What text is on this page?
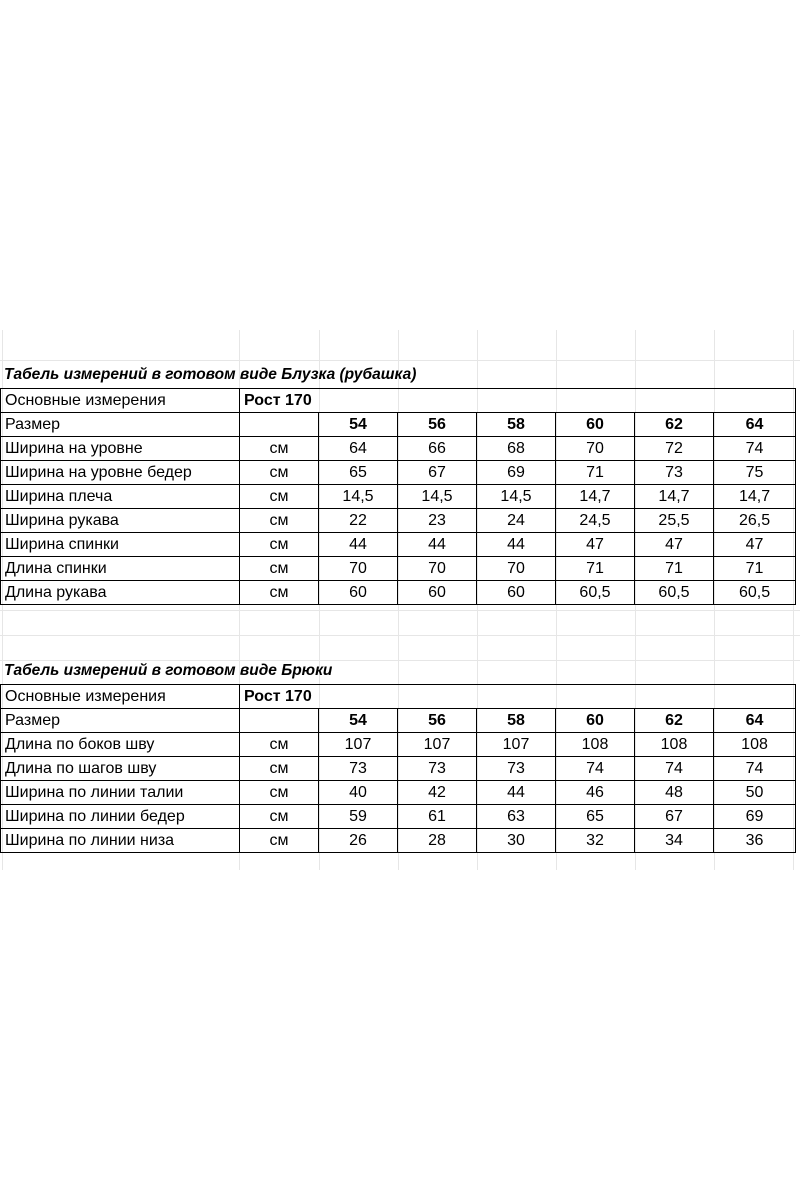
Табель измерений в готовом виде Блузка (рубашка)
Основные измерения	Рост 170						
Размер		54	56	58	60	62	64
Ширина на уровне	см	64	66	68	70	72	74
Ширина на уровне бедер	см	65	67	69	71	73	75
Ширина плеча	см	14,5	14,5	14,5	14,7	14,7	14,7
Ширина рукава	см	22	23	24	24,5	25,5	26,5
Ширина спинки	см	44	44	44	47	47	47
Длина спинки	см	70	70	70	71	71	71
Длина рукава	см	60	60	60	60,5	60,5	60,5
Табель измерений в готовом виде Брюки
Основные измерения	Рост 170						
Размер		54	56	58	60	62	64
Длина по боков шву	см	107	107	107	108	108	108
Длина по шагов шву	см	73	73	73	74	74	74
Ширина по линии талии	см	40	42	44	46	48	50
Ширина по линии бедер	см	59	61	63	65	67	69
Ширина по линии низа	см	26	28	30	32	34	36
